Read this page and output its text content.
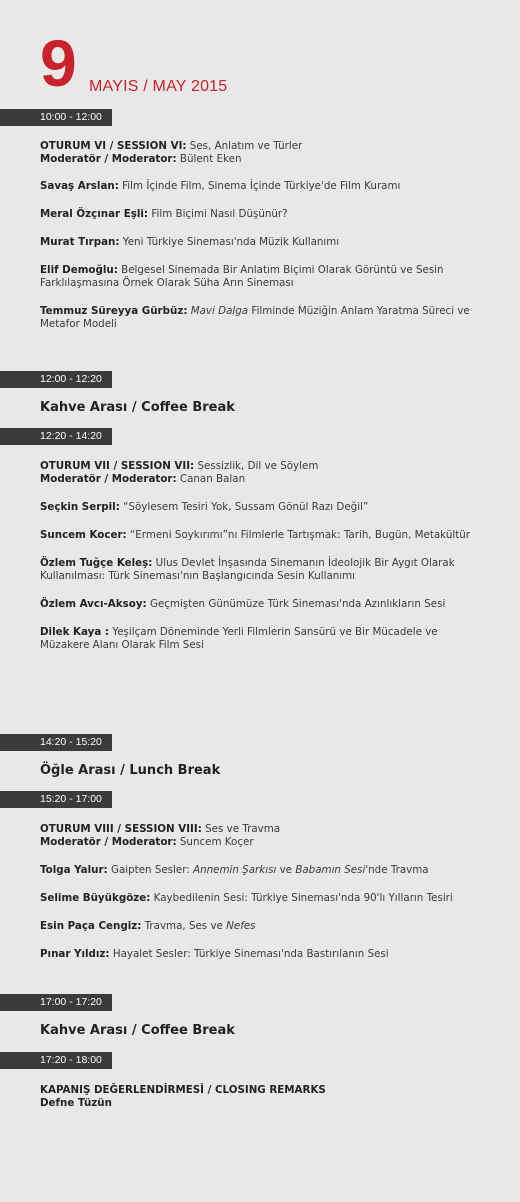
9 MAYIS / MAY 2015
10:00 - 12:00
OTURUM VI / SESSION VI: Ses, Anlatım ve Türler
Moderatör / Moderator: Bülent Eken
Savaş Arslan: Film İçinde Film, Sinema İçinde Türkiye'de Film Kuramı
Meral Özçınar Eşli: Film Biçimi Nasıl Düşünür?
Murat Tırpan: Yeni Türkiye Sineması'nda Müzik Kullanımı
Elif Demoğlu: Belgesel Sinemada Bir Anlatım Biçimi Olarak Görüntü ve Sesin Farklılaşmasına Örnek Olarak Süha Arın Sineması
Temmuz Süreyya Gürbüz: Mavi Dalga Filminde Müziğin Anlam Yaratma Süreci ve Metafor Modeli
12:00 - 12:20
Kahve Arası / Coffee Break
12:20 - 14:20
OTURUM VII / SESSION VII: Sessizlik, Dil ve Söylem
Moderatör / Moderator: Canan Balan
Seçkin Serpil: “Söylesem Tesiri Yok, Sussam Gönül Razı Değil”
Suncem Kocer: “Ermeni Soykırımı”nı Filmlerle Tartışmak: Tarih, Bugün, Metakültür
Özlem Tuğçe Keleş: Ulus Devlet İnşasında Sinemanın İdeolojik Bir Aygıt Olarak Kullanılması: Türk Sineması'nın Başlangıcında Sesin Kullanımı
Özlem Avcı-Aksoy: Geçmişten Günümüze Türk Sineması'nda Azınlıkların Sesi
Dilek Kaya : Yeşilçam Döneminde Yerli Filmlerin Sansürü ve Bir Mücadele ve Müzakere Alanı Olarak Film Sesi
14:20 - 15:20
Öğle Arası / Lunch Break
15:20 - 17:00
OTURUM VIII / SESSION VIII: Ses ve Travma
Moderatör / Moderator: Suncem Koçer
Tolga Yalur: Gaipten Sesler: Annemin Şarkısı ve Babamın Sesi'nde Travma
Selime Büyükgöze: Kaybedilenin Sesi: Türkiye Sineması'nda 90'lı Yılların Tesiri
Esin Paça Cengiz: Travma, Ses ve Nefes
Pınar Yıldız: Hayalet Sesler: Türkiye Sineması'nda Bastırılanın Sesi
17:00 - 17:20
Kahve Arası / Coffee Break
17:20 - 18:00
KAPANIŞ DEĞERLENDİRMESİ / CLOSING REMARKS
Defne Tüzün
